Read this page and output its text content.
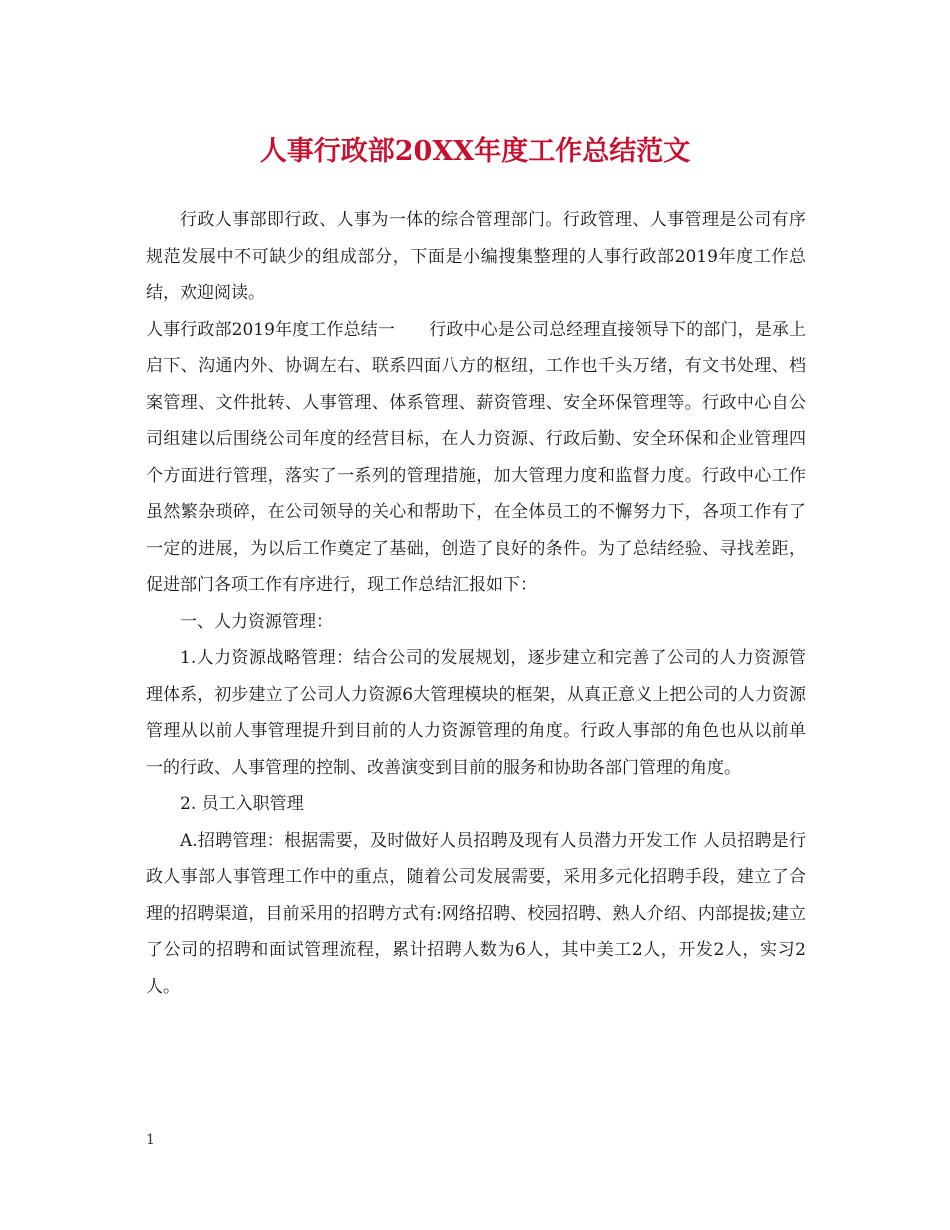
人事行政部20XX年度工作总结范文

行政人事部即行政、人事为一体的综合管理部门。行政管理、人事管理是公司有序规范发展中不可缺少的组成部分，下面是小编搜集整理的人事行政部2019年度工作总结，欢迎阅读。

人事行政部2019年度工作总结一　　行政中心是公司总经理直接领导下的部门，是承上启下、沟通内外、协调左右、联系四面八方的枢纽，工作也千头万绪，有文书处理、档案管理、文件批转、人事管理、体系管理、薪资管理、安全环保管理等。行政中心自公司组建以后围绕公司年度的经营目标，在人力资源、行政后勤、安全环保和企业管理四个方面进行管理，落实了一系列的管理措施，加大管理力度和监督力度。行政中心工作虽然繁杂琐碎，在公司领导的关心和帮助下，在全体员工的不懈努力下，各项工作有了一定的进展，为以后工作奠定了基础，创造了良好的条件。为了总结经验、寻找差距，促进部门各项工作有序进行，现工作总结汇报如下：

一、人力资源管理：

1.人力资源战略管理：结合公司的发展规划，逐步建立和完善了公司的人力资源管理体系，初步建立了公司人力资源6大管理模块的框架，从真正意义上把公司的人力资源管理从以前人事管理提升到目前的人力资源管理的角度。行政人事部的角色也从以前单一的行政、人事管理的控制、改善演变到目前的服务和协助各部门管理的角度。

2. 员工入职管理

A.招聘管理：根据需要，及时做好人员招聘及现有人员潜力开发工作 人员招聘是行政人事部人事管理工作中的重点，随着公司发展需要，采用多元化招聘手段，建立了合理的招聘渠道，目前采用的招聘方式有:网络招聘、校园招聘、熟人介绍、内部提拔;建立了公司的招聘和面试管理流程，累计招聘人数为6人，其中美工2人，开发2人，实习2人。

1
